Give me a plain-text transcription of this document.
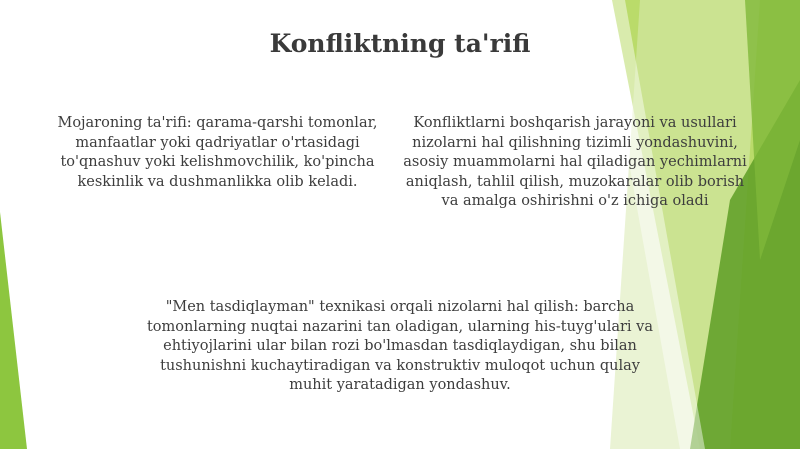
Konfliktning ta'rifi
Mojaroning ta'rifi: qarama-qarshi tomonlar, manfaatlar yoki qadriyatlar o'rtasidagi to'qnashuv yoki kelishmovchilik, ko'pincha keskinlik va dushmanlikka olib keladi.
Konfliktlarni boshqarish jarayoni va usullari nizolarni hal qilishning tizimli yondashuvini, asosiy muammolarni hal qiladigan yechimlarni aniqlash, tahlil qilish, muzokaralar olib borish va amalga oshirishni o'z ichiga oladi
"Men tasdiqlayman" texnikasi orqali nizolarni hal qilish: barcha tomonlarning nuqtai nazarini tan oladigan, ularning his-tuyg'ulari va ehtiyojlarini ular bilan rozi bo'lmasdan tasdiqlaydigan, shu bilan tushunishni kuchaytiradigan va konstruktiv muloqot uchun qulay muhit yaratadigan yondashuv.
